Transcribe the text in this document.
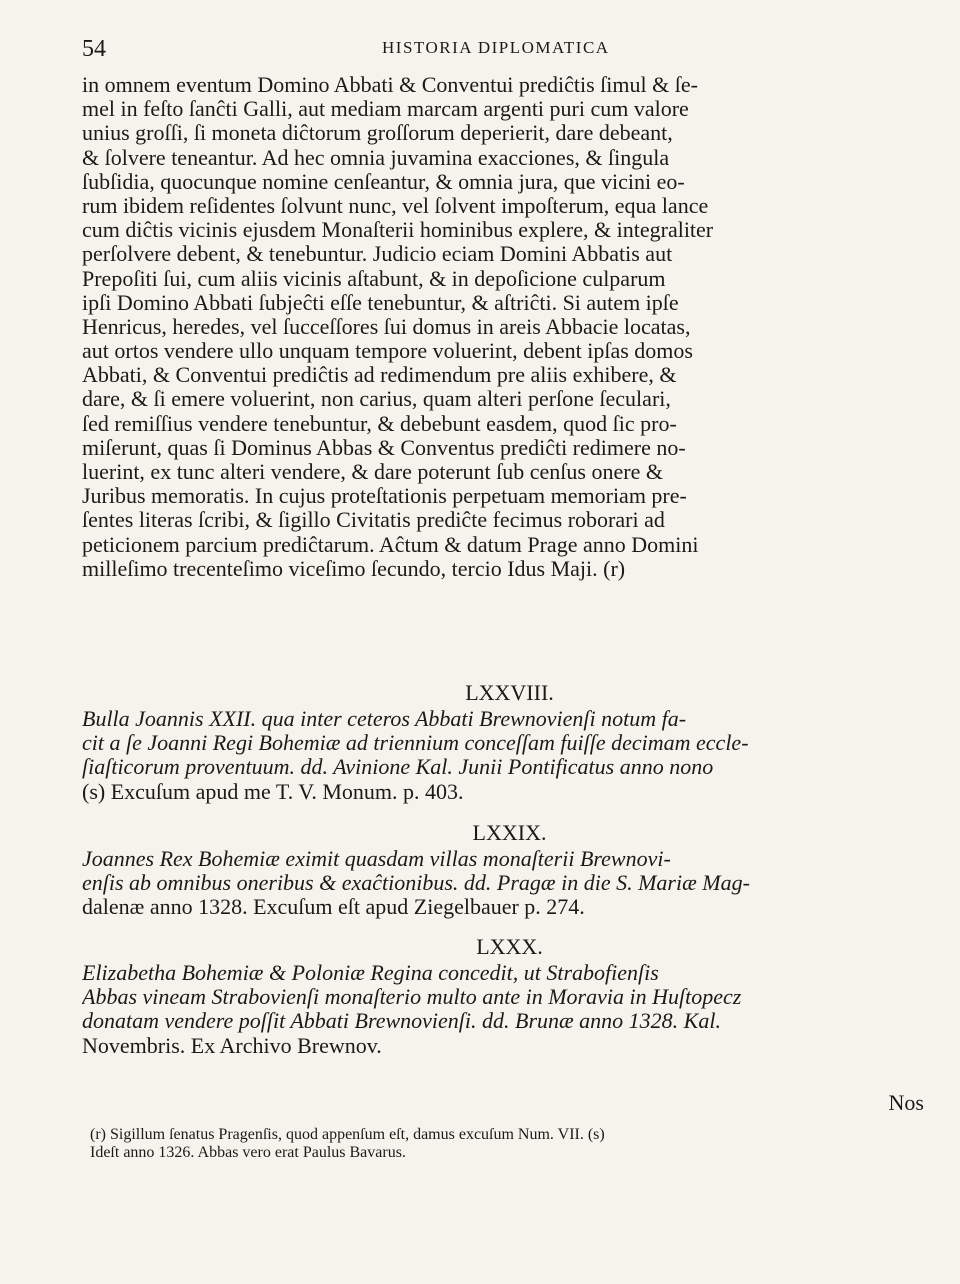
54	HISTORIA DIPLOMATICA
in omnem eventum Domino Abbati & Conventui prediĉtis ſimul & ſe-
mel in feſto ſanĉti Galli, aut mediam marcam argenti puri cum valore
unius groſſi, ſi moneta diĉtorum groſſorum deperierit, dare debeant,
& ſolvere teneantur. Ad hec omnia juvamina exacciones, & ſingula
ſubſidia, quocunque nomine cenſeantur, & omnia jura, que vicini eo-
rum ibidem reſidentes ſolvunt nunc, vel ſolvent impoſterum, equa lance
cum diĉtis vicinis ejusdem Monaſterii hominibus explere, & integraliter
perſolvere debent, & tenebuntur. Judicio eciam Domini Abbatis aut
Prepoſiti ſui, cum aliis vicinis aſtabunt, & in depoſicione culparum
ipſi Domino Abbati ſubjeĉti eſſe tenebuntur, & aſtriĉti. Si autem ipſe
Henricus, heredes, vel ſucceſſores ſui domus in areis Abbacie locatas,
aut ortos vendere ullo unquam tempore voluerint, debent ipſas domos
Abbati, & Conventui prediĉtis ad redimendum pre aliis exhibere, &
dare, & ſi emere voluerint, non carius, quam alteri perſone ſeculari,
ſed remiſſius vendere tenebuntur, & debebunt easdem, quod ſic pro-
miſerunt, quas ſi Dominus Abbas & Conventus prediĉti redimere no-
luerint, ex tunc alteri vendere, & dare poterunt ſub cenſus onere &
Juribus memoratis. In cujus proteſtationis perpetuam memoriam pre-
ſentes literas ſcribi, & ſigillo Civitatis prediĉte fecimus roborari ad
peticionem parcium prediĉtarum. Aĉtum & datum Prage anno Domini
milleſimo trecenteſimo viceſimo ſecundo, tercio Idus Maji. (r)
LXXVIII.
Bulla Joannis XXII. qua inter ceteros Abbati Brewnovienſi notum fa-
cit a ſe Joanni Regi Bohemiæ ad triennium conceſſam fuiſſe decimam eccle-
ſiaſticorum proventuum. dd. Avinione Kal. Junii Pontificatus anno nono
(s) Excuſum apud me T. V. Monum. p. 403.
LXXIX.
Joannes Rex Bohemiæ eximit quasdam villas monaſterii Brewnovi-
enſis ab omnibus oneribus & exaĉtionibus. dd. Pragæ in die S. Mariæ Mag-
dalenæ anno 1328. Excuſum eſt apud Ziegelbauer p. 274.
LXXX.
Elizabetha Bohemiæ & Poloniæ Regina concedit, ut Strabofienſis
Abbas vineam Strabovienſi monaſterio multo ante in Moravia in Huſtopecz
donatam vendere poſſit Abbati Brewnovienſi. dd. Brunæ anno 1328. Kal.
Novembris. Ex Archivo Brewnov.
Nos
(r) Sigillum ſenatus Pragenſis, quod appenſum eſt, damus excuſum Num. VII. (s)
Ideſt anno 1326. Abbas vero erat Paulus Bavarus.
